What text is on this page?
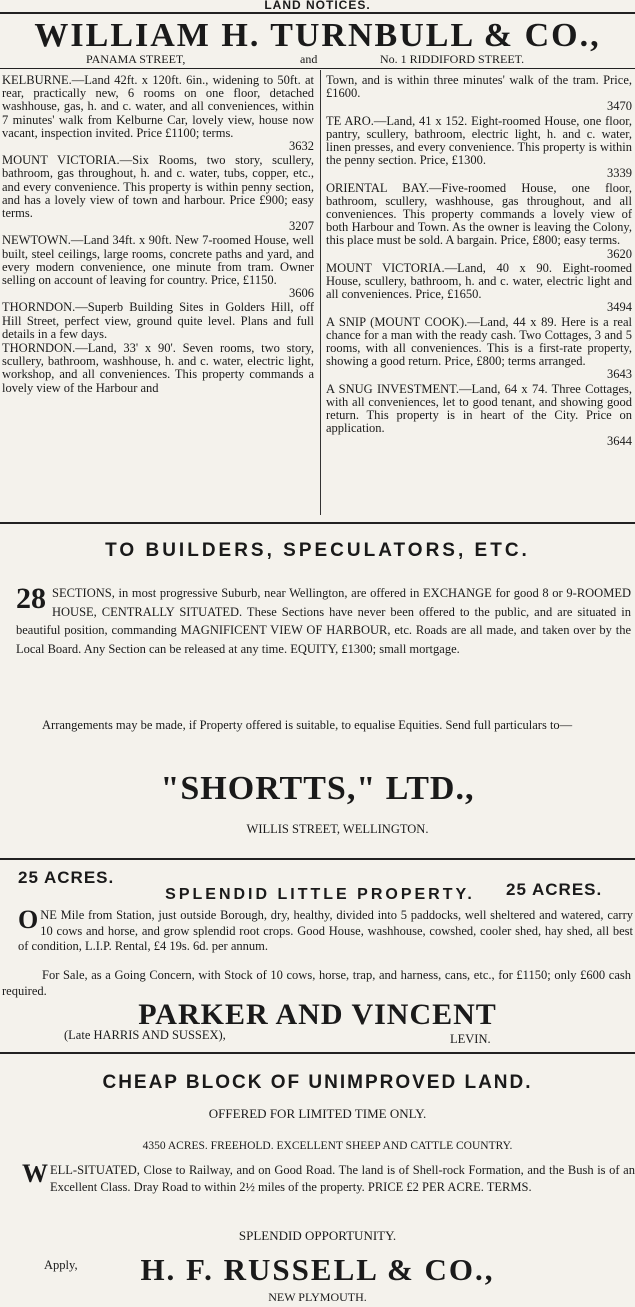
LAND NOTICES.
WILLIAM H. TURNBULL & CO.,
PANAMA STREET,	and	No. 1 RIDDIFORD STREET.

KELBURNE.—Land 42ft. x 120ft. 6in., widening to 50ft. at rear, practically new, 6 rooms on one floor, detached washhouse, gas, h. and c. water, and all conveniences, within 7 minutes' walk from Kelburne Car, lovely view, house now vacant, inspection invited. Price £1100; terms.
3632

MOUNT VICTORIA.—Six Rooms, two story, scullery, bathroom, gas throughout, h. and c. water, tubs, copper, etc., and every convenience. This property is within penny section, and has a lovely view of town and harbour. Price £900; easy terms.
3207

NEWTOWN.—Land 34ft. x 90ft. New 7-roomed House, well built, steel ceilings, large rooms, concrete paths and yard, and every modern convenience, one minute from tram. Owner selling on account of leaving for country. Price, £1150.
3606

THORNDON.—Superb Building Sites in Golders Hill, off Hill Street, perfect view, ground quite level. Plans and full details in a few days.

THORNDON.—Land, 33' x 90'. Seven rooms, two story, scullery, bathroom, washhouse, h. and c. water, electric light, workshop, and all conveniences. This property commands a lovely view of the Harbour and

Town, and is within three minutes' walk of the tram. Price, £1600.
3470

TE ARO.—Land, 41 x 152. Eight-roomed House, one floor, pantry, scullery, bathroom, electric light, h. and c. water, linen presses, and every convenience. This property is within the penny section. Price, £1300.
3339

ORIENTAL BAY.—Five-roomed House, one floor, bathroom, scullery, washhouse, gas throughout, and all conveniences. This property commands a lovely view of both Harbour and Town. As the owner is leaving the Colony, this place must be sold. A bargain. Price, £800; easy terms.
3620

MOUNT VICTORIA.—Land, 40 x 90. Eight-roomed House, scullery, bathroom, h. and c. water, electric light and all conveniences. Price, £1650.
3494

A SNIP (MOUNT COOK).—Land, 44 x 89. Here is a real chance for a man with the ready cash. Two Cottages, 3 and 5 rooms, with all conveniences. This is a first-rate property, showing a good return. Price, £800; terms arranged.
3643

A SNUG INVESTMENT.—Land, 64 x 74. Three Cottages, with all conveniences, let to good tenant, and showing good return. This property is in heart of the City. Price on application.
3644

TO BUILDERS, SPECULATORS, ETC.
28 SECTIONS, in most progressive Suburb, near Wellington, are offered in EXCHANGE for good 8 or 9-ROOMED HOUSE, CENTRALLY SITUATED. These Sections have never been offered to the public, and are situated in beautiful position, commanding MAGNIFICENT VIEW OF HARBOUR, etc. Roads are all made, and taken over by the Local Board. Any Section can be released at any time. EQUITY, £1300; small mortgage.
Arrangements may be made, if Property offered is suitable, to equalise Equities. Send full particulars to—
"SHORTTS," LTD.,
WILLIS STREET, WELLINGTON.
25 ACRES.
25 ACRES.
SPLENDID LITTLE PROPERTY.
O NE Mile from Station, just outside Borough, dry, healthy, divided into 5 paddocks, well sheltered and watered, carry 10 cows and horse, and grow splendid root crops. Good House, washhouse, cowshed, cooler shed, hay shed, all best of condition, L.I.P. Rental, £4 19s. 6d. per annum.
For Sale, as a Going Concern, with Stock of 10 cows, horse, trap, and harness, cans, etc., for £1150; only £600 cash required.
PARKER AND VINCENT
(Late HARRIS AND SUSSEX),	LEVIN.
CHEAP BLOCK OF UNIMPROVED LAND.
OFFERED FOR LIMITED TIME ONLY.
4350 ACRES. FREEHOLD. EXCELLENT SHEEP AND CATTLE COUNTRY.
W ELL-SITUATED, Close to Railway, and on Good Road. The land is of Shell-rock Formation, and the Bush is of an Excellent Class. Dray Road to within 2½ miles of the property. PRICE £2 PER ACRE. TERMS.
SPLENDID OPPORTUNITY.
Apply,	H. F. RUSSELL & CO.,
NEW PLYMOUTH.
